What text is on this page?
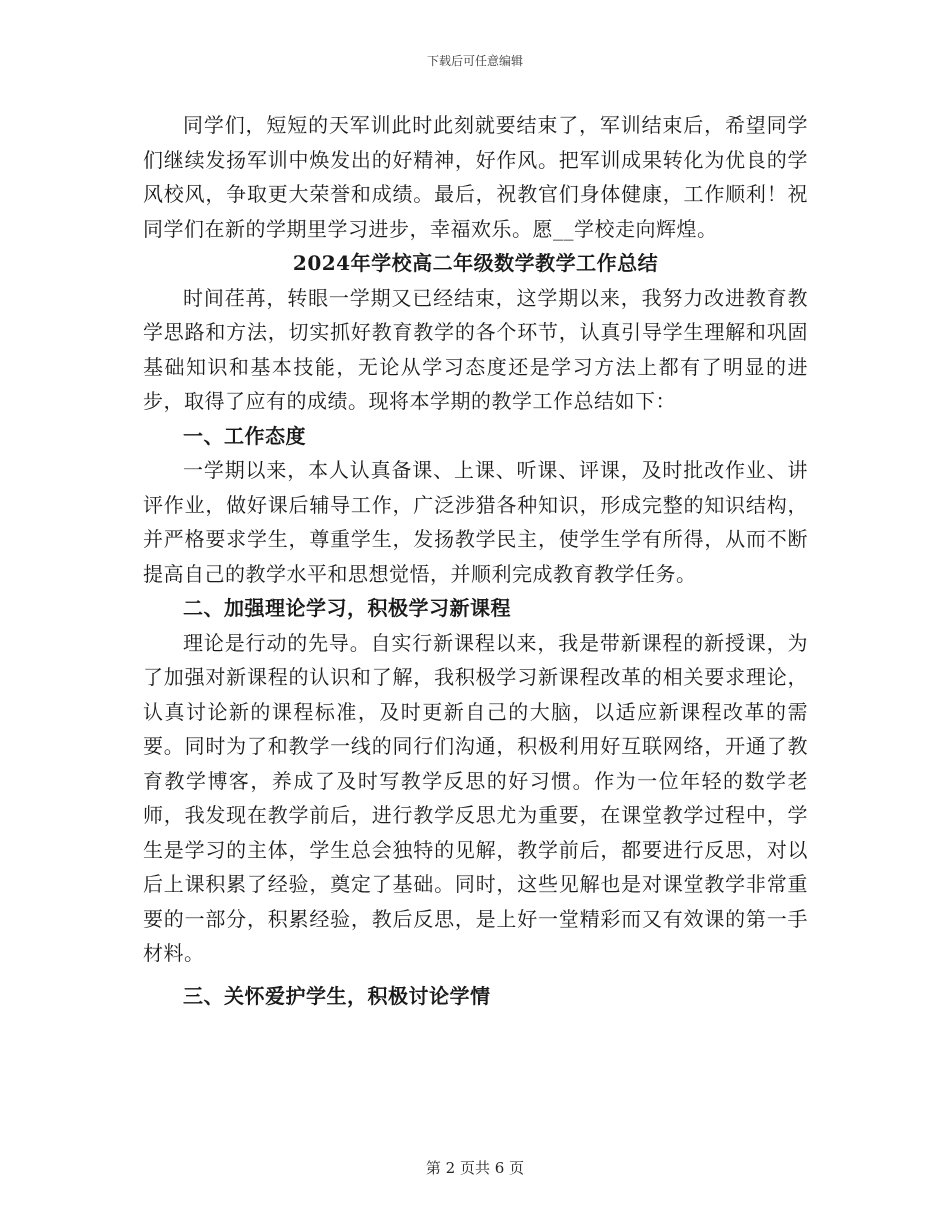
下载后可任意编辑

同学们，短短的天军训此时此刻就要结束了，军训结束后，希望同学们继续发扬军训中焕发出的好精神，好作风。把军训成果转化为优良的学风校风，争取更大荣誉和成绩。最后，祝教官们身体健康，工作顺利！祝同学们在新的学期里学习进步，幸福欢乐。愿__学校走向辉煌。

2024年学校高二年级数学教学工作总结

时间荏苒，转眼一学期又已经结束，这学期以来，我努力改进教育教学思路和方法，切实抓好教育教学的各个环节，认真引导学生理解和巩固基础知识和基本技能，无论从学习态度还是学习方法上都有了明显的进步，取得了应有的成绩。现将本学期的教学工作总结如下：

一、工作态度

一学期以来，本人认真备课、上课、听课、评课，及时批改作业、讲评作业，做好课后辅导工作，广泛涉猎各种知识，形成完整的知识结构，并严格要求学生，尊重学生，发扬教学民主，使学生学有所得，从而不断提高自己的教学水平和思想觉悟，并顺利完成教育教学任务。

二、加强理论学习，积极学习新课程

理论是行动的先导。自实行新课程以来，我是带新课程的新授课，为了加强对新课程的认识和了解，我积极学习新课程改革的相关要求理论，认真讨论新的课程标准，及时更新自己的大脑，以适应新课程改革的需要。同时为了和教学一线的同行们沟通，积极利用好互联网络，开通了教育教学博客，养成了及时写教学反思的好习惯。作为一位年轻的数学老师，我发现在教学前后，进行教学反思尤为重要，在课堂教学过程中，学生是学习的主体，学生总会独特的见解，教学前后，都要进行反思，对以后上课积累了经验，奠定了基础。同时，这些见解也是对课堂教学非常重要的一部分，积累经验，教后反思，是上好一堂精彩而又有效课的第一手材料。

三、关怀爱护学生，积极讨论学情

第 2 页共 6 页
